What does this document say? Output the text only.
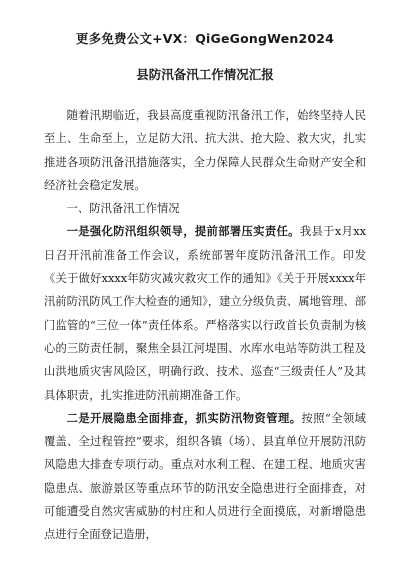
更多免费公文+VX：QiGeGongWen2024
县防汛备汛工作情况汇报

随着汛期临近，我县高度重视防汛备汛工作，始终坚持人民至上、生命至上，立足防大汛、抗大洪、抢大险、救大灾，扎实推进各项防汛备汛措施落实，全力保障人民群众生命财产安全和经济社会稳定发展。

一、防汛备汛工作情况

一是强化防汛组织领导，提前部署压实责任。我县于x月xx日召开汛前准备工作会议，系统部署年度防汛备汛工作。印发《关于做好xxxx年防灾减灾救灾工作的通知》《关于开展xxxx年汛前防汛防风工作大检查的通知》，建立分级负责、属地管理、部门监管的“三位一体”责任体系。严格落实以行政首长负责制为核心的三防责任制，聚焦全县江河堤围、水库水电站等防洪工程及山洪地质灾害风险区，明确行政、技术、巡查“三级责任人”及其具体职责，扎实推进防汛前期准备工作。

二是开展隐患全面排查，抓实防汛物资管理。按照“全领域覆盖、全过程管控”要求，组织各镇（场）、县直单位开展防汛防风隐患大排查专项行动。重点对水利工程、在建工程、地质灾害隐患点、旅游景区等重点环节的防汛安全隐患进行全面排查，对可能遭受自然灾害威胁的村庄和人员进行全面摸底，对新增隐患点进行全面登记造册，
